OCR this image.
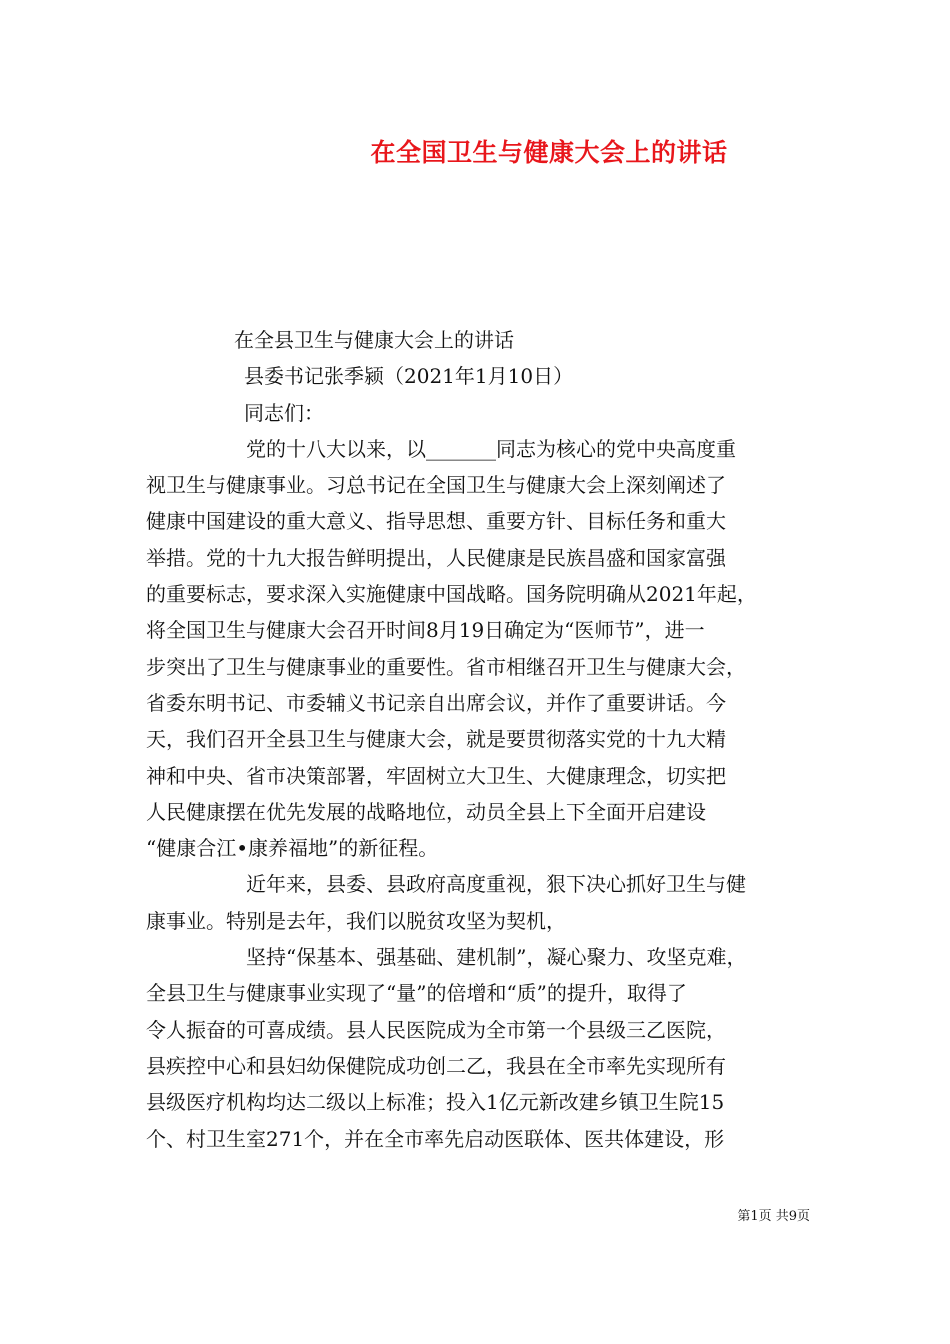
在全国卫生与健康大会上的讲话
在全县卫生与健康大会上的讲话
县委书记张季颍（2021年1月10日）
同志们：
党的十八大以来，以_______同志为核心的党中央高度重
视卫生与健康事业。习总书记在全国卫生与健康大会上深刻阐述了
健康中国建设的重大意义、指导思想、重要方针、目标任务和重大
举措。党的十九大报告鲜明提出，人民健康是民族昌盛和国家富强
的重要标志，要求深入实施健康中国战略。国务院明确从2021年起，
将全国卫生与健康大会召开时间8月19日确定为“医师节”，进一
步突出了卫生与健康事业的重要性。省市相继召开卫生与健康大会，
省委东明书记、市委辅义书记亲自出席会议，并作了重要讲话。今
天，我们召开全县卫生与健康大会，就是要贯彻落实党的十九大精
神和中央、省市决策部署，牢固树立大卫生、大健康理念，切实把
人民健康摆在优先发展的战略地位，动员全县上下全面开启建设
“健康合江•康养福地”的新征程。
近年来，县委、县政府高度重视，狠下决心抓好卫生与健
康事业。特别是去年，我们以脱贫攻坚为契机，
坚持“保基本、强基础、建机制”，凝心聚力、攻坚克难，
全县卫生与健康事业实现了“量”的倍增和“质”的提升，取得了
令人振奋的可喜成绩。县人民医院成为全市第一个县级三乙医院，
县疾控中心和县妇幼保健院成功创二乙，我县在全市率先实现所有
县级医疗机构均达二级以上标准；投入1亿元新改建乡镇卫生院15
个、村卫生室271个，并在全市率先启动医联体、医共体建设，形
第1页 共9页
